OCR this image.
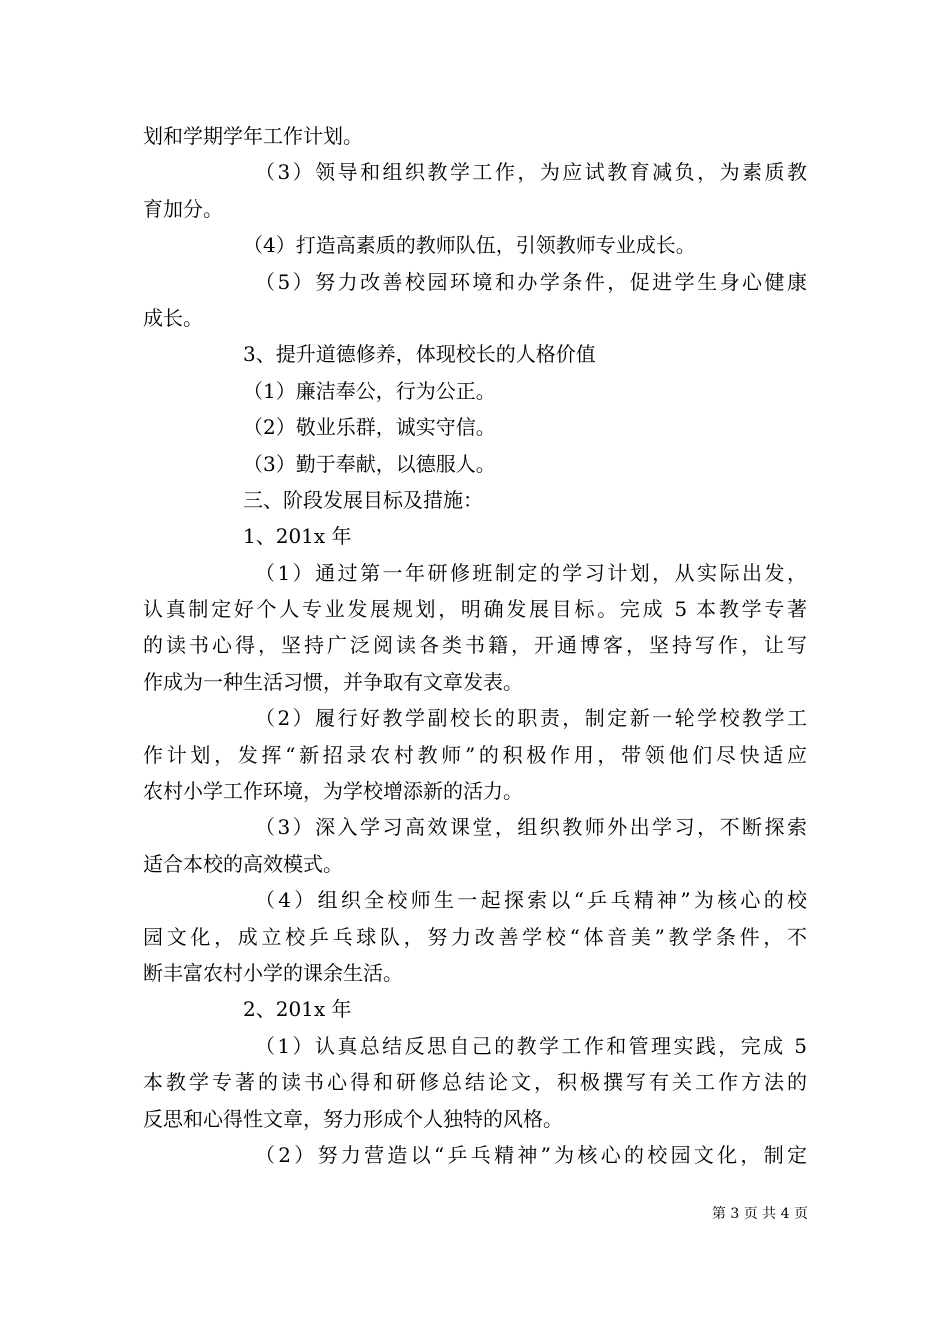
划和学期学年工作计划。
（3）领导和组织教学工作，为应试教育减负，为素质教
育加分。
（4）打造高素质的教师队伍，引领教师专业成长。
（5）努力改善校园环境和办学条件，促进学生身心健康
成长。
3、提升道德修养，体现校长的人格价值
（1）廉洁奉公，行为公正。
（2）敬业乐群，诚实守信。
（3）勤于奉献，以德服人。
三、阶段发展目标及措施：
1、201x 年
（1）通过第一年研修班制定的学习计划，从实际出发，
认真制定好个人专业发展规划，明确发展目标。完成 5 本教学专著
的读书心得，坚持广泛阅读各类书籍，开通博客，坚持写作，让写
作成为一种生活习惯，并争取有文章发表。
（2）履行好教学副校长的职责，制定新一轮学校教学工
作计划，发挥“新招录农村教师”的积极作用，带领他们尽快适应
农村小学工作环境，为学校增添新的活力。
（3）深入学习高效课堂，组织教师外出学习，不断探索
适合本校的高效模式。
（4）组织全校师生一起探索以“乒乓精神”为核心的校
园文化，成立校乒乓球队，努力改善学校“体音美”教学条件，不
断丰富农村小学的课余生活。
2、201x 年
（1）认真总结反思自己的教学工作和管理实践，完成 5
本教学专著的读书心得和研修总结论文，积极撰写有关工作方法的
反思和心得性文章，努力形成个人独特的风格。
（2）努力营造以“乒乓精神”为核心的校园文化，制定
第 3 页 共 4 页
